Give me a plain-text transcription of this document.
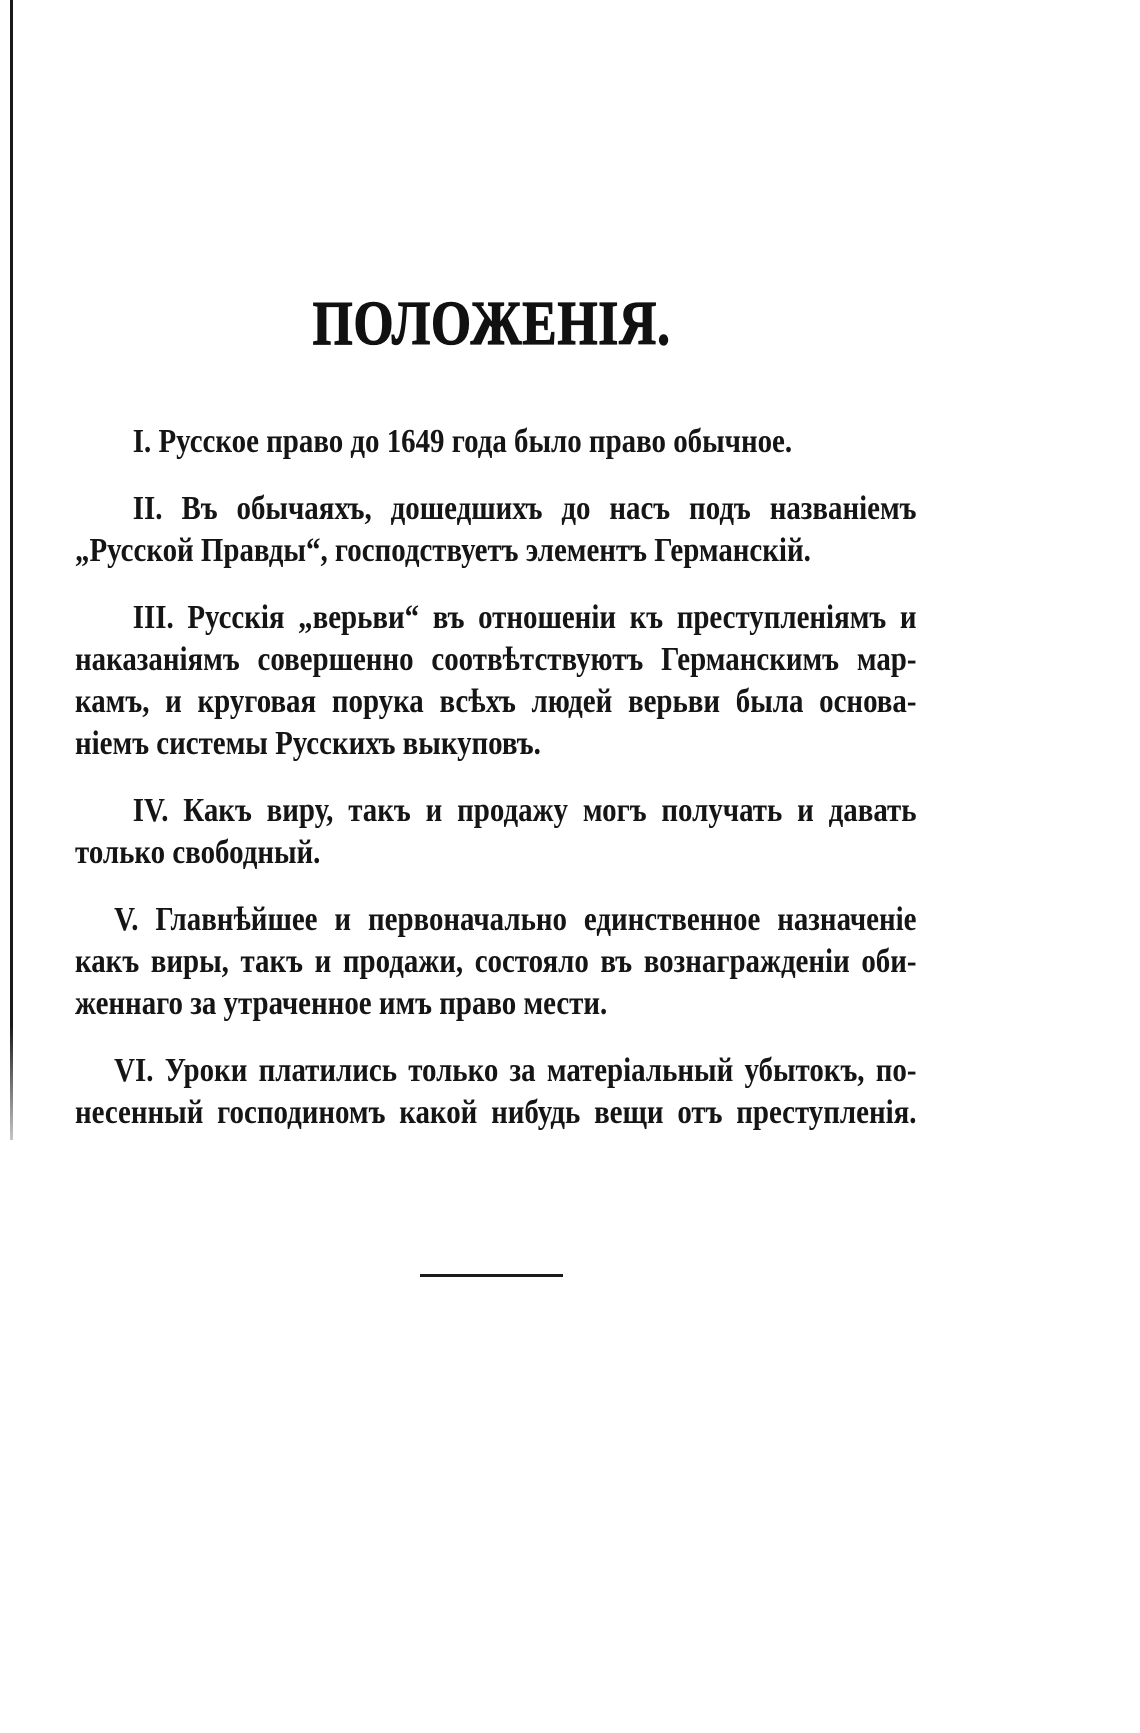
ПОЛОЖЕНІЯ.
I. Русское право до 1649 года было право обычное.
II. Въ обычаяхъ, дошедшихъ до насъ подъ названіемъ
„Русской Правды“, господствуетъ элементъ Германскій.
III. Русскія „верьви“ въ отношеніи къ преступленіямъ и
наказаніямъ совершенно соотвѣтствуютъ Германскимъ мар-
камъ, и круговая порука всѣхъ людей верьви была основа-
ніемъ системы Русскихъ выкуповъ.
IV. Какъ виру, такъ и продажу могъ получать и давать
только свободный.
V. Главнѣйшее и первоначально единственное назначеніе
какъ виры, такъ и продажи, состояло въ вознагражденіи оби-
женнаго за утраченное имъ право мести.
VI. Уроки платились только за матеріальный убытокъ, по-
несенный господиномъ какой нибудь вещи отъ преступленія.
